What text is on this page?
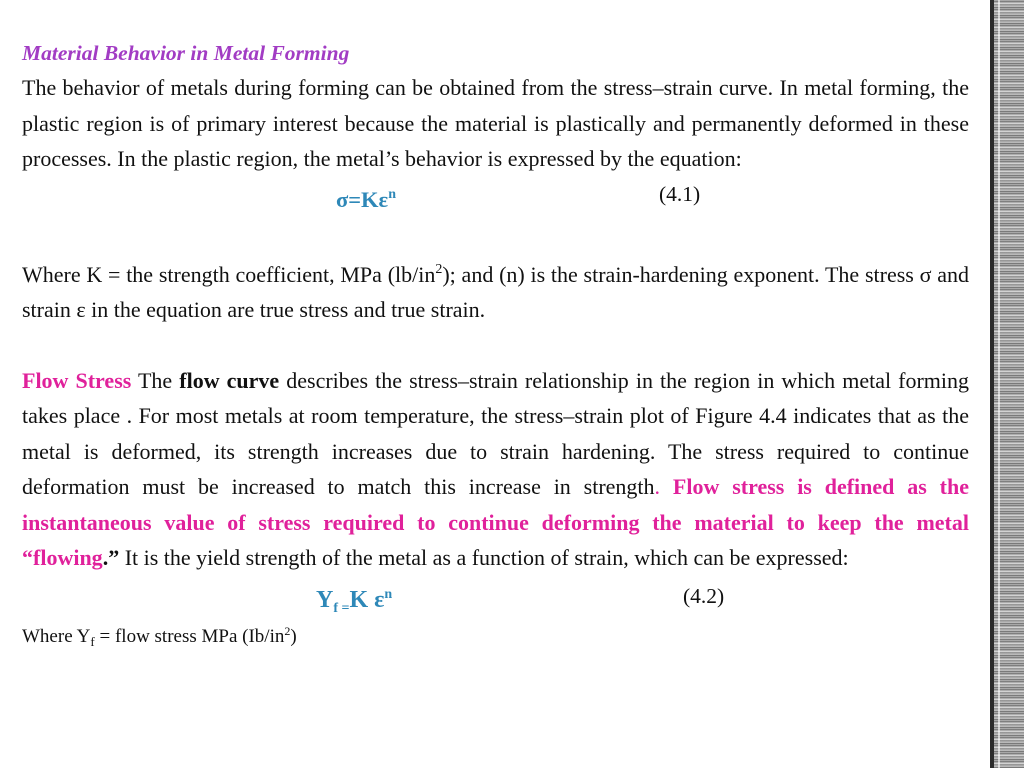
Material Behavior in Metal Forming

The behavior of metals during forming can be obtained from the stress–strain curve. In metal forming, the plastic region is of primary interest because the material is plastically and permanently deformed in these processes. In the plastic region, the metal’s behavior is expressed by the equation:

$\sigma=K\varepsilon^n$	(4.1)

Where K = the strength coefficient, MPa $(lb/in^2)$; and (n) is the strain-hardening exponent. The stress σ and strain ε in the equation are true stress and true strain.

Flow Stress The flow curve describes the stress–strain relationship in the region in which metal forming takes place . For most metals at room temperature, the stress–strain plot of Figure 4.4 indicates that as the metal is deformed, its strength increases due to strain hardening. The stress required to continue deformation must be increased to match this increase in strength. Flow stress is defined as the instantaneous value of stress required to continue deforming the material to keep the metal “flowing.” It is the yield strength of the metal as a function of strain, which can be expressed:

$Y_{f =}K$ $\varepsilon^n$	(4.2)
Where $Y_f$ = flow stress MPa $(Ib/in^2)$
